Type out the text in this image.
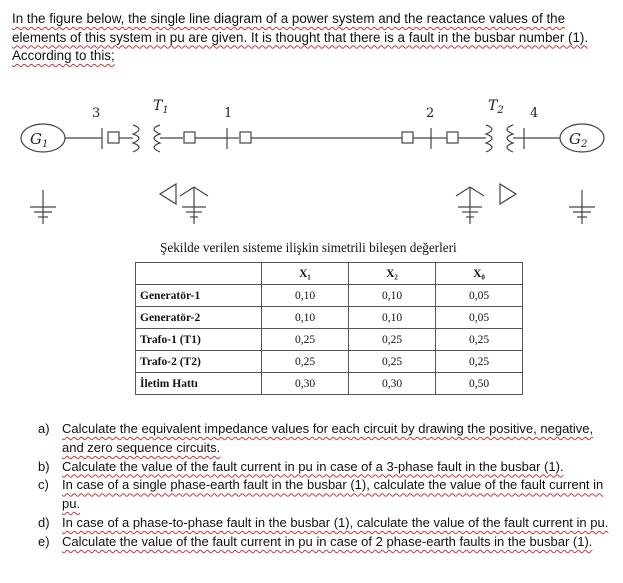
In the figure below, the single line diagram of a power system and the reactance values of the elements of this system in pu are given. It is thought that there is a fault in the busbar number (1). According to this;
$G_1$	$G_2$
$T_1$	$T_2$
3	1	2	4
Şekilde verilen sisteme ilişkin simetrili bileşen değerleri
	X₁	X₂	X₀
Generatör-1	0,10	0,10	0,05
Generatör-2	0,10	0,10	0,05
Trafo-1 (T1)	0,25	0,25	0,25
Trafo-2 (T2)	0,25	0,25	0,25
İletim Hattı	0,30	0,30	0,50
a) Calculate the equivalent impedance values for each circuit by drawing the positive, negative, and zero sequence circuits.
b) Calculate the value of the fault current in pu in case of a 3-phase fault in the busbar (1).
c)	In case of a single phase-earth fault in the busbar (1), calculate the value of the fault current in pu.
d) In case of a phase-to-phase fault in the busbar (1), calculate the value of the fault current in pu.
e) Calculate the value of the fault current in pu in case of 2 phase-earth faults in the busbar (1).
